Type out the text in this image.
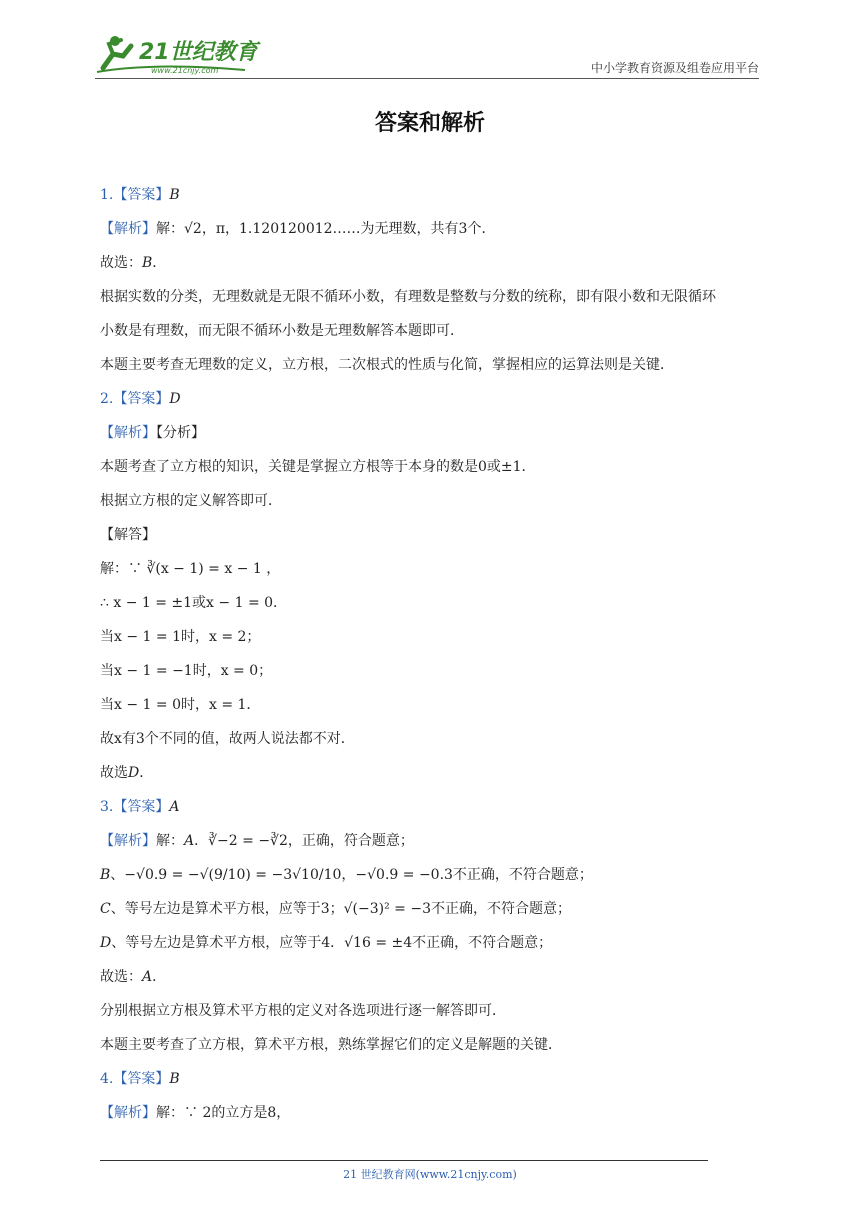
21世纪教育
www.21cnjy.com	中小学教育资源及组卷应用平台
答案和解析
1.【答案】B
【解析】解：√2，π，1.120120012……为无理数，共有3个．
故选：B．
根据实数的分类，无理数就是无限不循环小数，有理数是整数与分数的统称，即有限小数和无限循环
小数是有理数，而无限不循环小数是无理数解答本题即可．
本题主要考查无理数的定义，立方根，二次根式的性质与化简，掌握相应的运算法则是关键．
2.【答案】D
【解析】【分析】
本题考查了立方根的知识，关键是掌握立方根等于本身的数是0或±1．
根据立方根的定义解答即可．
【解答】
解：∵ ∛(x − 1) = x − 1 ，
∴ x − 1 = ±1或x − 1 = 0．
当x − 1 = 1时，x = 2；
当x − 1 = −1时，x = 0；
当x − 1 = 0时，x = 1．
故x有3个不同的值，故两人说法都不对．
故选D．
3.【答案】A
【解析】解：A．∛−2 = −∛2，正确，符合题意；
B、−√0.9 = −√(9/10) = −3√10/10，−√0.9 = −0.3不正确，不符合题意；
C、等号左边是算术平方根，应等于3；√(−3)² = −3不正确，不符合题意；
D、等号左边是算术平方根，应等于4．√16 = ±4不正确，不符合题意；
故选：A．
分别根据立方根及算术平方根的定义对各选项进行逐一解答即可．
本题主要考查了立方根，算术平方根，熟练掌握它们的定义是解题的关键．
4.【答案】B
【解析】解：∵ 2的立方是8，
21 世纪教育网(www.21cnjy.com)
